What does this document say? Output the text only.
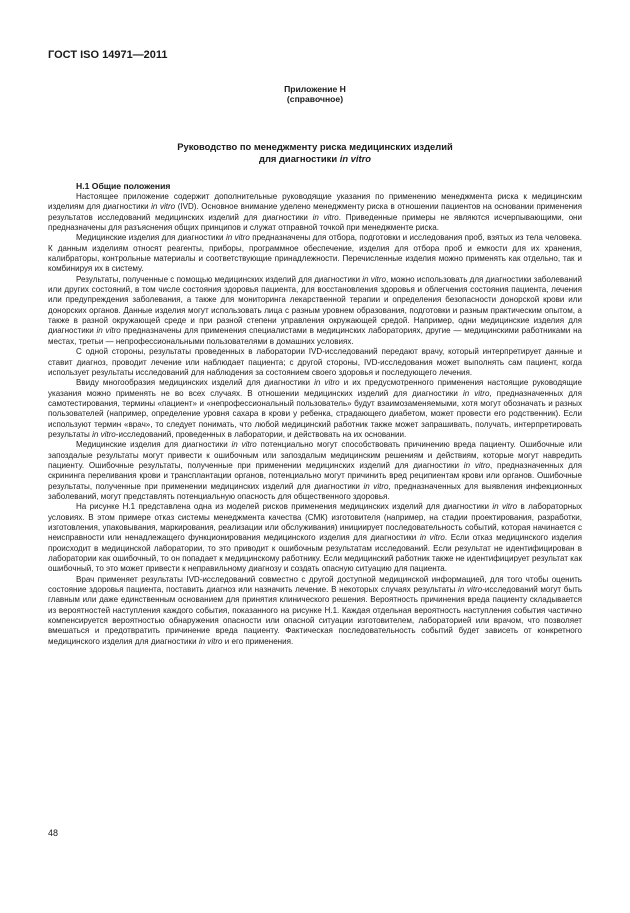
ГОСТ ISO 14971—2011
Приложение Н
(справочное)
Руководство по менеджменту риска медицинских изделий
для диагностики in vitro
Н.1 Общие положения

Настоящее приложение содержит дополнительные руководящие указания по применению менеджмента риска к медицинским изделиям для диагностики in vitro (IVD). Основное внимание уделено менеджменту риска в отношении пациентов на основании применения результатов исследований медицинских изделий для диагностики in vitro. Приведенные примеры не являются исчерпывающими, они предназначены для разъяснения общих принципов и служат отправной точкой при менеджменте риска.

Медицинские изделия для диагностики in vitro предназначены для отбора, подготовки и исследования проб, взятых из тела человека. К данным изделиям относят реагенты, приборы, программное обеспечение, изделия для отбора проб и емкости для их хранения, калибраторы, контрольные материалы и соответствующие принадлежности. Перечисленные изделия можно применять как отдельно, так и комбинируя их в систему.

Результаты, полученные с помощью медицинских изделий для диагностики in vitro, можно использовать для диагностики заболеваний или других состояний, в том числе состояния здоровья пациента, для восстановления здоровья и облегчения состояния пациента, лечения или предупреждения заболевания, а также для мониторинга лекарственной терапии и определения безопасности донорской крови или донорских органов. Данные изделия могут использовать лица с разным уровнем образования, подготовки и разным практическим опытом, а также в разной окружающей среде и при разной степени управления окружающей средой. Например, одни медицинские изделия для диагностики in vitro предназначены для применения специалистами в медицинских лабораториях, другие — медицинскими работниками на местах, третьи — непрофессиональными пользователями в домашних условиях.

С одной стороны, результаты проведенных в лаборатории IVD-исследований передают врачу, который интерпретирует данные и ставит диагноз, проводит лечение или наблюдает пациента; с другой стороны, IVD-исследования может выполнять сам пациент, когда использует результаты исследований для наблюдения за состоянием своего здоровья и последующего лечения.

Ввиду многообразия медицинских изделий для диагностики in vitro и их предусмотренного применения настоящие руководящие указания можно применять не во всех случаях. В отношении медицинских изделий для диагностики in vitro, предназначенных для самотестирования, термины «пациент» и «непрофессиональный пользователь» будут взаимозаменяемыми, хотя могут обозначать и разных пользователей (например, определение уровня сахара в крови у ребенка, страдающего диабетом, может провести его родственник). Если используют термин «врач», то следует понимать, что любой медицинский работник также может запрашивать, получать, интерпретировать результаты in vitro-исследований, проведенных в лаборатории, и действовать на их основании.

Медицинские изделия для диагностики in vitro потенциально могут способствовать причинению вреда пациенту. Ошибочные или запоздалые результаты могут привести к ошибочным или запоздалым медицинским решениям и действиям, которые могут навредить пациенту. Ошибочные результаты, полученные при применении медицинских изделий для диагностики in vitro, предназначенных для скрининга переливания крови и трансплантации органов, потенциально могут причинить вред реципиентам крови или органов. Ошибочные результаты, полученные при применении медицинских изделий для диагностики in vitro, предназначенных для выявления инфекционных заболеваний, могут представлять потенциальную опасность для общественного здоровья.

На рисунке Н.1 представлена одна из моделей рисков применения медицинских изделий для диагностики in vitro в лабораторных условиях. В этом примере отказ системы менеджмента качества (СМК) изготовителя (например, на стадии проектирования, разработки, изготовления, упаковывания, маркирования, реализации или обслуживания) инициирует последовательность событий, которая начинается с неисправности или ненадлежащего функционирования медицинского изделия для диагностики in vitro. Если отказ медицинского изделия происходит в медицинской лаборатории, то это приводит к ошибочным результатам исследований. Если результат не идентифицирован в лаборатории как ошибочный, то он попадает к медицинскому работнику. Если медицинский работник также не идентифицирует результат как ошибочный, то это может привести к неправильному диагнозу и создать опасную ситуацию для пациента.

Врач применяет результаты IVD-исследований совместно с другой доступной медицинской информацией, для того чтобы оценить состояние здоровья пациента, поставить диагноз или назначить лечение. В некоторых случаях результаты in vitro-исследований могут быть главным или даже единственным основанием для принятия клинического решения. Вероятность причинения вреда пациенту складывается из вероятностей наступления каждого события, показанного на рисунке Н.1. Каждая отдельная вероятность наступления события частично компенсируется вероятностью обнаружения опасности или опасной ситуации изготовителем, лабораторией или врачом, что позволяет вмешаться и предотвратить причинение вреда пациенту. Фактическая последовательность событий будет зависеть от конкретного медицинского изделия для диагностики in vitro и его применения.

48
